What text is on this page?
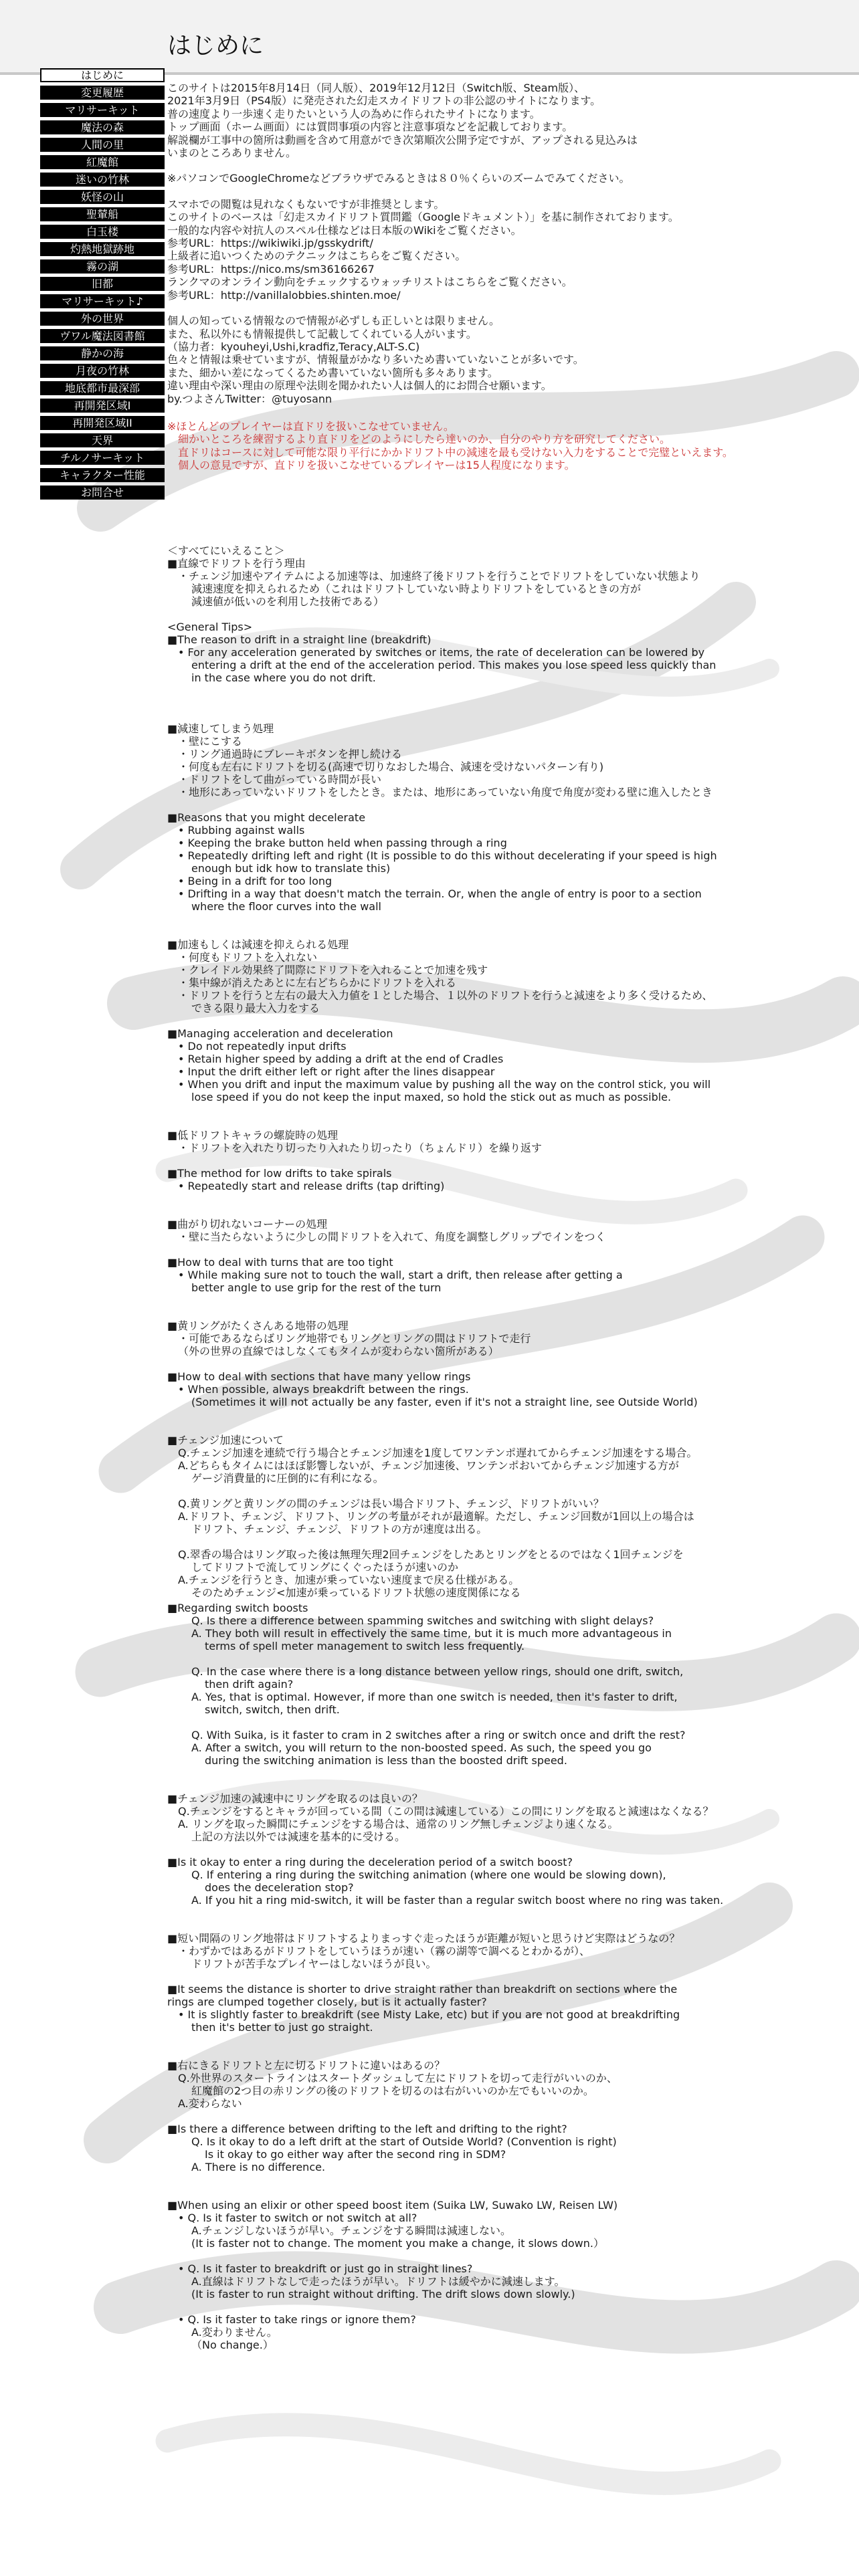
はじめに
はじめに
変更履歴
マリサーキット
魔法の森
人間の里
紅魔館
迷いの竹林
妖怪の山
聖輦船
白玉楼
灼熱地獄跡地
霧の湖
旧都
マリサーキット♪
外の世界
ヴワル魔法図書館
静かの海
月夜の竹林
地底都市最深部
再開発区域I
再開発区域II
天界
チルノサーキット
キャラクター性能
お問合せ

このサイトは2015年8月14日（同人版）、2019年12月12日（Switch版、Steam版）、

2021年3月9日（PS4版）に発売された幻走スカイドリフトの非公認のサイトになります。

普の速度より一歩速く走りたいという人の為めに作られたサイトになります。

トップ画面（ホーム画面）には質問事項の内容と注意事項などを記載しております。

解説欄が工事中の箇所は動画を含めて用意ができ次第順次公開予定ですが、アップされる見込みは

いまのところありません。

※パソコンでGoogleChromeなどブラウザでみるときは８０％くらいのズームでみてください。

スマホでの閲覧は見れなくもないですが非推奨とします。

このサイトのベースは「幻走スカイドリフト質問鑑（Googleドキュメント）」を基に制作されております。

一般的な内容や対抗人のスペル仕様などは日本版のWikiをご覧ください。

参考URL：https://wikiwiki.jp/gsskydrift/

上級者に追いつくためのテクニックはこちらをご覧ください。

参考URL：https://nico.ms/sm36166267

ランクマのオンライン動向をチェックするウォッチリストはこちらをご覧ください。

参考URL：http://vanillalobbies.shinten.moe/

個人の知っている情報なので情報が必ずしも正しいとは限りません。

また、私以外にも情報提供して記載してくれている人がいます。

（協力者：kyouheyi,Ushi,kradfiz,Teracy,ALT-S.C)

色々と情報は乗せていますが、情報量がかなり多いため書いていないことが多いです。

また、細かい差になってくるため書いていない箇所も多々あります。

違い理由や深い理由の原理や法則を聞かれたい人は個人的にお問合せ願います。

by.つよさんTwitter：@tuyosann

※ほとんどのプレイヤーは直ドリを扱いこなせていません。

細かいところを練習するより直ドリをどのようにしたら達いのか、自分のやり方を研究してください。

直ドリはコースに対して可能な限り平行にかかドリフト中の減速を最も受けない入力をすることで完璧といえます。

個人の意見ですが、直ドリを扱いこなせているプレイヤーは15人程度になります。

＜すべてにいえること＞

■直線でドリフトを行う理由

・チェンジ加速やアイテムによる加速等は、加速終了後ドリフトを行うことでドリフトをしていない状態より

減速速度を抑えられるため（これはドリフトしていない時よりドリフトをしているときの方が

減速値が低いのを利用した技術である）

<General Tips>

■The reason to drift in a straight line (breakdrift)

• For any acceleration generated by switches or items, the rate of deceleration can be lowered by

entering a drift at the end of the acceleration period. This makes you lose speed less quickly than

in the case where you do not drift.

■減速してしまう処理

・壁にこする

・リング通過時にブレーキボタンを押し続ける

・何度も左右にドリフトを切る(高速で切りなおした場合、減速を受けないパターン有り)

・ドリフトをして曲がっている時間が長い

・地形にあっていないドリフトをしたとき。または、地形にあっていない角度で角度が変わる壁に進入したとき

■Reasons that you might decelerate

• Rubbing against walls

• Keeping the brake button held when passing through a ring

• Repeatedly drifting left and right (It is possible to do this without decelerating if your speed is high

enough but idk how to translate this)

• Being in a drift for too long

• Drifting in a way that doesn't match the terrain. Or, when the angle of entry is poor to a section

where the floor curves into the wall

■加速もしくは減速を抑えられる処理

・何度もドリフトを入れない

・クレイドル効果終了間際にドリフトを入れることで加速を残す

・集中線が消えたあとに左右どちらかにドリフトを入れる

・ドリフトを行うと左右の最大入力値を１とした場合、１以外のドリフトを行うと減速をより多く受けるため、

できる限り最大入力をする

■Managing acceleration and deceleration

• Do not repeatedly input drifts

• Retain higher speed by adding a drift at the end of Cradles

• Input the drift either left or right after the lines disappear

• When you drift and input the maximum value by pushing all the way on the control stick, you will

lose speed if you do not keep the input maxed, so hold the stick out as much as possible.

■低ドリフトキャラの螺旋時の処理

・ドリフトを入れたり切ったり入れたり切ったり（ちょんドリ）を繰り返す

■The method for low drifts to take spirals

• Repeatedly start and release drifts (tap drifting)

■曲がり切れないコーナーの処理

・壁に当たらないように少しの間ドリフトを入れて、角度を調整しグリップでインをつく

■How to deal with turns that are too tight

• While making sure not to touch the wall, start a drift, then release after getting a

better angle to use grip for the rest of the turn

■黄リングがたくさんある地帯の処理

・可能であるならばリング地帯でもリングとリングの間はドリフトで走行

（外の世界の直線ではしなくてもタイムが変わらない箇所がある）

■How to deal with sections that have many yellow rings

• When possible, always breakdrift between the rings.

(Sometimes it will not actually be any faster, even if it's not a straight line, see Outside World)

■チェンジ加速について

Q.チェンジ加速を連続で行う場合とチェンジ加速を1度してワンテンポ遅れてからチェンジ加速をする場合。

A.どちらもタイムにはほぼ影響しないが、チェンジ加速後、ワンテンポおいてからチェンジ加速する方が

ゲージ消費量的に圧倒的に有利になる。

Q.黄リングと黄リングの間のチェンジは長い場合ドリフト、チェンジ、ドリフトがいい？

A.ドリフト、チェンジ、ドリフト、リングの考量がそれが最適解。ただし、チェンジ回数が1回以上の場合は

ドリフト、チェンジ、チェンジ、ドリフトの方が速度は出る。

Q.翠香の場合はリング取った後は無理矢理2回チェンジをしたあとリングをとるのではなく1回チェンジを

してドリフトで流してリングにくぐったほうが速いのか

A.チェンジを行うとき、加速が乗っていない速度まで戻る仕様がある。

そのためチェンジ<加速が乗っているドリフト状態の速度関係になる

■Regarding switch boosts

Q. Is there a difference between spamming switches and switching with slight delays?

A. They both will result in effectively the same time, but it is much more advantageous in

terms of spell meter management to switch less frequently.

Q. In the case where there is a long distance between yellow rings, should one drift, switch,

then drift again?

A. Yes, that is optimal. However, if more than one switch is needed, then it's faster to drift,

switch, switch, then drift.

Q. With Suika, is it faster to cram in 2 switches after a ring or switch once and drift the rest?

A. After a switch, you will return to the non-boosted speed. As such, the speed you go

during the switching animation is less than the boosted drift speed.

■チェンジ加速の減速中にリングを取るのは良いの？

Q.チェンジをするとキャラが回っている間（この間は減速している）この間にリングを取ると減速はなくなる？

A. リングを取った瞬間にチェンジをする場合は、通常のリング無しチェンジより速くなる。

上記の方法以外では減速を基本的に受ける。

■Is it okay to enter a ring during the deceleration period of a switch boost?

Q. If entering a ring during the switching animation (where one would be slowing down),

does the deceleration stop?

A. If you hit a ring mid-switch, it will be faster than a regular switch boost where no ring was taken.

■短い間隔のリング地帯はドリフトするよりまっすぐ走ったほうが距離が短いと思うけど実際はどうなの？

・わずかではあるがドリフトをしていうほうが速い（霧の湖等で調べるとわかるが）、

ドリフトが苦手なプレイヤーはしないほうが良い。

■It seems the distance is shorter to drive straight rather than breakdrift on sections where the

rings are clumped together closely, but is it actually faster?

• It is slightly faster to breakdrift (see Misty Lake, etc) but if you are not good at breakdrifting

then it's better to just go straight.

■右にきるドリフトと左に切るドリフトに違いはあるの？

Q.外世界のスタートラインはスタートダッシュして左にドリフトを切って走行がいいのか、

紅魔館の2つ目の赤リングの後のドリフトを切るのは右がいいのか左でもいいのか。

A.変わらない

■Is there a difference between drifting to the left and drifting to the right?

Q. Is it okay to do a left drift at the start of Outside World? (Convention is right)

Is it okay to go either way after the second ring in SDM?

A. There is no difference.

■When using an elixir or other speed boost item (Suika LW, Suwako LW, Reisen LW)

• Q. Is it faster to switch or not switch at all?

A.チェンジしないほうが早い。チェンジをする瞬間は減速しない。

(It is faster not to change. The moment you make a change, it slows down.）

• Q. Is it faster to breakdrift or just go in straight lines?

A.直線はドリフトなしで走ったほうが早い。ドリフトは緩やかに減速します。

(It is faster to run straight without drifting. The drift slows down slowly.)

• Q. Is it faster to take rings or ignore them?

A.変わりません。

（No change.）
